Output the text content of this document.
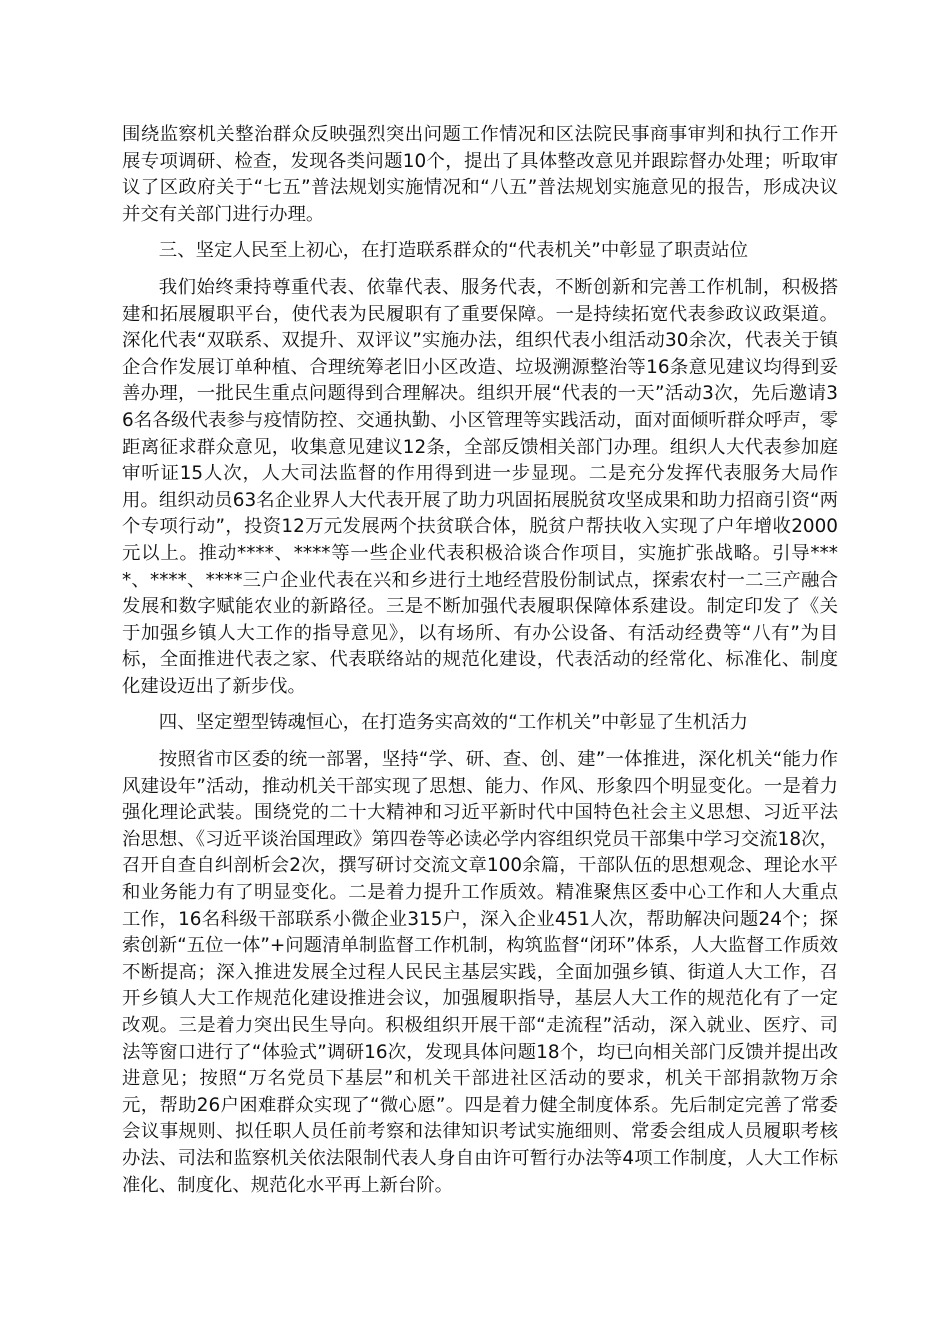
围绕监察机关整治群众反映强烈突出问题工作情况和区法院民事商事审判和执行工作开展专项调研、检查，发现各类问题10个，提出了具体整改意见并跟踪督办处理；听取审议了区政府关于“七五”普法规划实施情况和“八五”普法规划实施意见的报告，形成决议并交有关部门进行办理。

三、坚定人民至上初心，在打造联系群众的“代表机关”中彰显了职责站位

我们始终秉持尊重代表、依靠代表、服务代表，不断创新和完善工作机制，积极搭建和拓展履职平台，使代表为民履职有了重要保障。一是持续拓宽代表参政议政渠道。深化代表“双联系、双提升、双评议”实施办法，组织代表小组活动30余次，代表关于镇企合作发展订单种植、合理统筹老旧小区改造、垃圾溯源整治等16条意见建议均得到妥善办理，一批民生重点问题得到合理解决。组织开展“代表的一天”活动3次，先后邀请36名各级代表参与疫情防控、交通执勤、小区管理等实践活动，面对面倾听群众呼声，零距离征求群众意见，收集意见建议12条，全部反馈相关部门办理。组织人大代表参加庭审听证15人次，人大司法监督的作用得到进一步显现。二是充分发挥代表服务大局作用。组织动员63名企业界人大代表开展了助力巩固拓展脱贫攻坚成果和助力招商引资“两个专项行动”，投资12万元发展两个扶贫联合体，脱贫户帮扶收入实现了户年增收2000元以上。推动****、****等一些企业代表积极洽谈合作项目，实施扩张战略。引导****、****、****三户企业代表在兴和乡进行土地经营股份制试点，探索农村一二三产融合发展和数字赋能农业的新路径。三是不断加强代表履职保障体系建设。制定印发了《关于加强乡镇人大工作的指导意见》，以有场所、有办公设备、有活动经费等“八有”为目标，全面推进代表之家、代表联络站的规范化建设，代表活动的经常化、标准化、制度化建设迈出了新步伐。

四、坚定塑型铸魂恒心，在打造务实高效的“工作机关”中彰显了生机活力

按照省市区委的统一部署，坚持“学、研、查、创、建”一体推进，深化机关“能力作风建设年”活动，推动机关干部实现了思想、能力、作风、形象四个明显变化。一是着力强化理论武装。围绕党的二十大精神和习近平新时代中国特色社会主义思想、习近平法治思想、《习近平谈治国理政》第四卷等必读必学内容组织党员干部集中学习交流18次，召开自查自纠剖析会2次，撰写研讨交流文章100余篇，干部队伍的思想观念、理论水平和业务能力有了明显变化。二是着力提升工作质效。精准聚焦区委中心工作和人大重点工作，16名科级干部联系小微企业315户，深入企业451人次，帮助解决问题24个；探索创新“五位一体”+问题清单制监督工作机制，构筑监督“闭环”体系，人大监督工作质效不断提高；深入推进发展全过程人民民主基层实践，全面加强乡镇、街道人大工作，召开乡镇人大工作规范化建设推进会议，加强履职指导，基层人大工作的规范化有了一定改观。三是着力突出民生导向。积极组织开展干部“走流程”活动，深入就业、医疗、司法等窗口进行了“体验式”调研16次，发现具体问题18个，均已向相关部门反馈并提出改进意见；按照“万名党员下基层”和机关干部进社区活动的要求，机关干部捐款物万余元，帮助26户困难群众实现了“微心愿”。四是着力健全制度体系。先后制定完善了常委会议事规则、拟任职人员任前考察和法律知识考试实施细则、常委会组成人员履职考核办法、司法和监察机关依法限制代表人身自由许可暂行办法等4项工作制度，人大工作标准化、制度化、规范化水平再上新台阶。
